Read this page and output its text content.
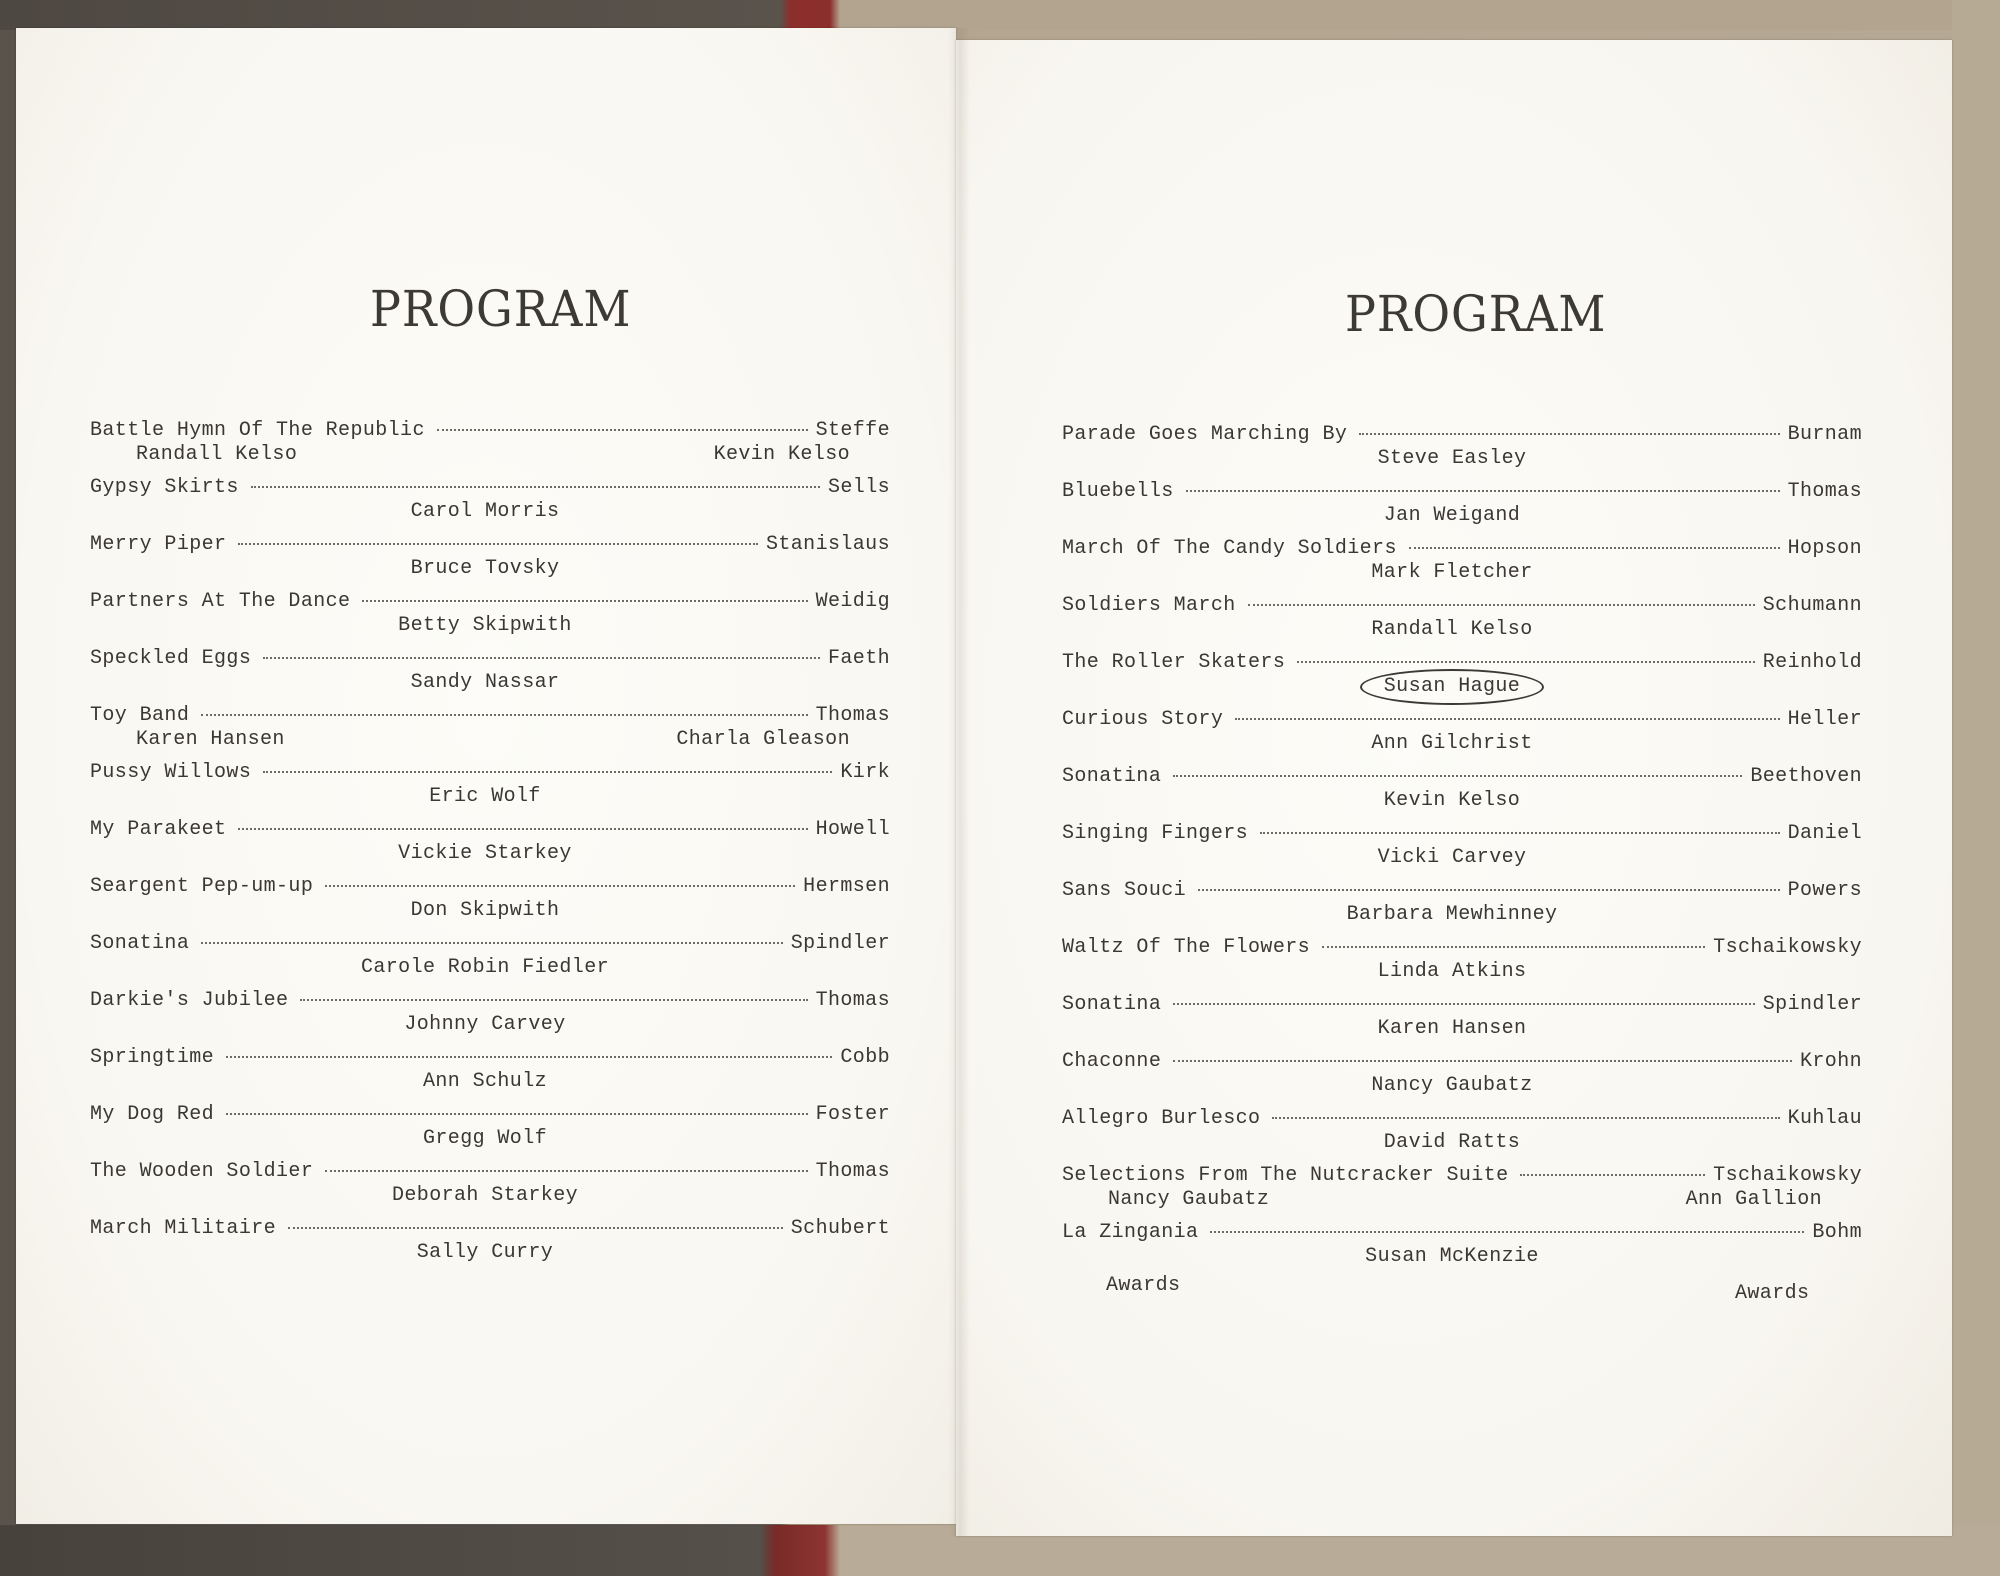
PROGRAM	PROGRAM
Battle Hymn Of The Republic	Steffe
Randall Kelso	Kevin Kelso
Gypsy Skirts	Sells
Carol Morris
Merry Piper	Stanislaus
Bruce Tovsky
Partners At The Dance	Weidig
Betty Skipwith
Speckled Eggs	Faeth
Sandy Nassar
Toy Band	Thomas
Karen Hansen	Charla Gleason
Pussy Willows	Kirk
Eric Wolf
My Parakeet	Howell
Vickie Starkey
Seargent Pep-um-up	Hermsen
Don Skipwith
Sonatina	Spindler
Carole Robin Fiedler
Darkie's Jubilee	Thomas
Johnny Carvey
Springtime	Cobb
Ann Schulz
My Dog Red	Foster
Gregg Wolf
The Wooden Soldier	Thomas
Deborah Starkey
March Militaire	Schubert
Sally Curry
Parade Goes Marching By	Burnam
Steve Easley
Bluebells	Thomas
Jan Weigand
March Of The Candy Soldiers	Hopson
Mark Fletcher
Soldiers March	Schumann
Randall Kelso
The Roller Skaters	Reinhold
Susan Hague
Curious Story	Heller
Ann Gilchrist
Sonatina	Beethoven
Kevin Kelso
Singing Fingers	Daniel
Vicki Carvey
Sans Souci	Powers
Barbara Mewhinney
Waltz Of The Flowers	Tschaikowsky
Linda Atkins
Sonatina	Spindler
Karen Hansen
Chaconne	Krohn
Nancy Gaubatz
Allegro Burlesco	Kuhlau
David Ratts
Selections From The Nutcracker Suite	Tschaikowsky
Nancy Gaubatz	Ann Gallion
La Zingania	Bohm
Susan McKenzie
Awards	Awards
